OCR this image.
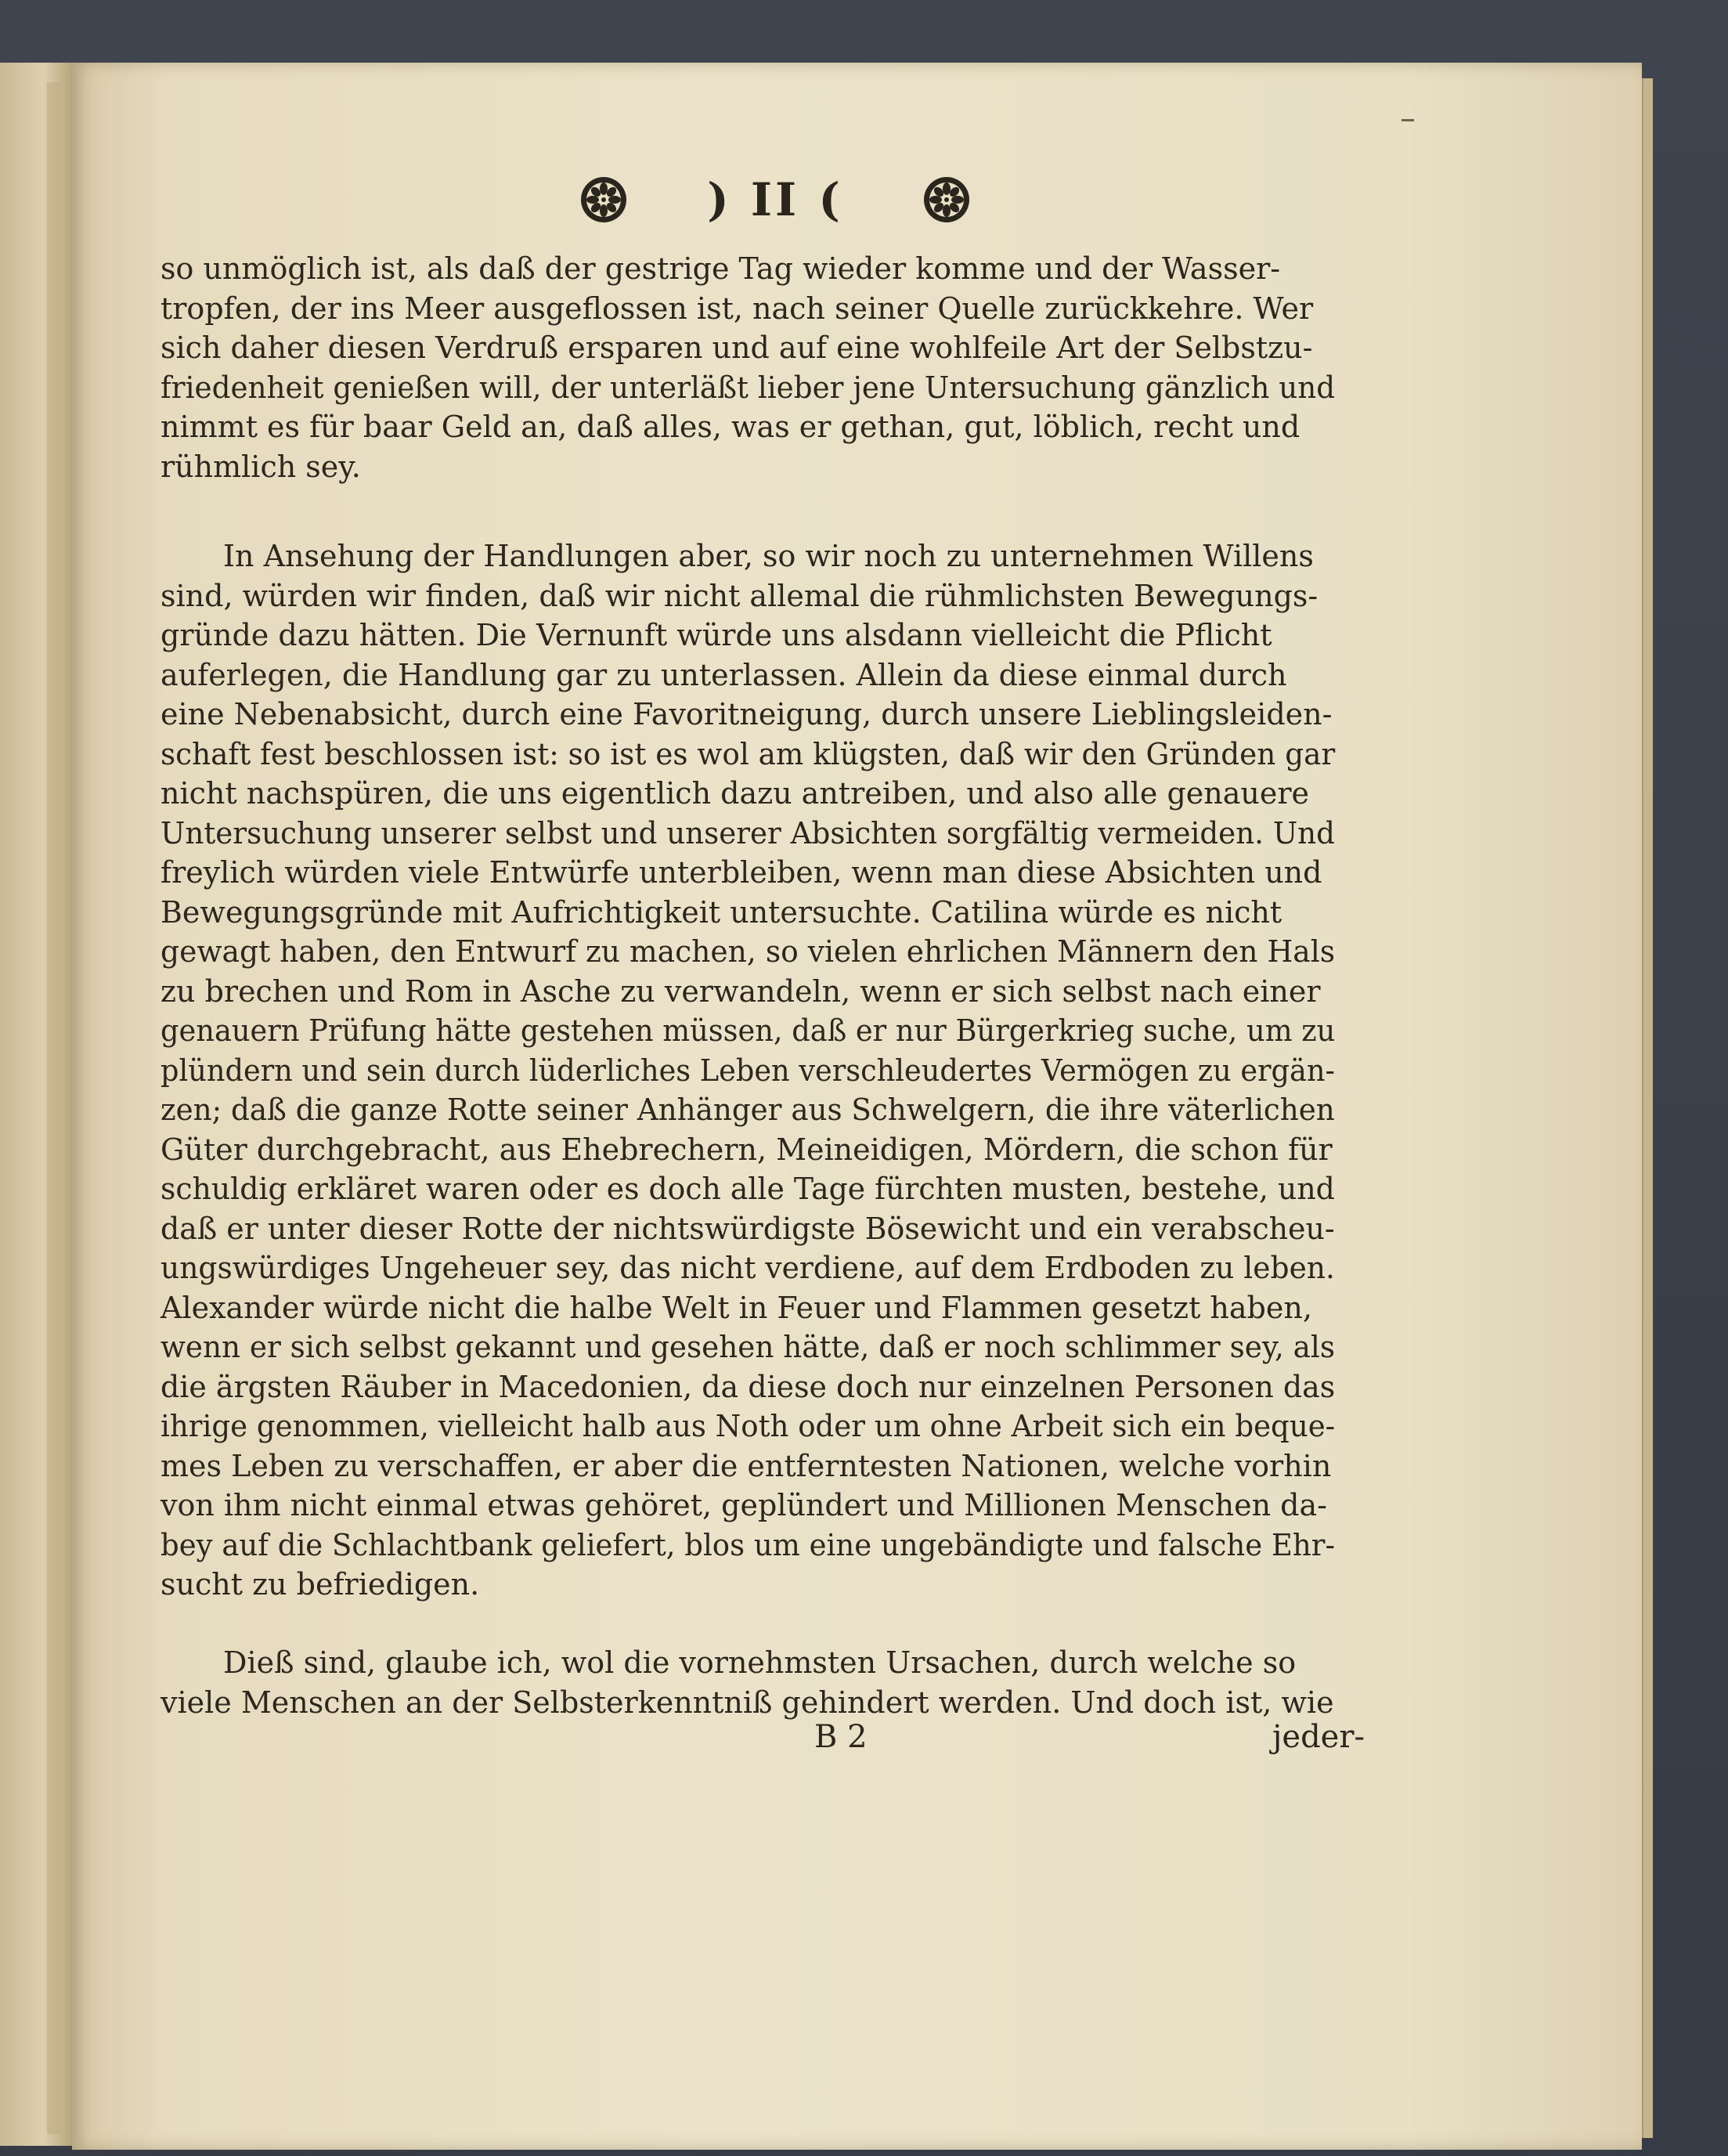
) II (
so unmöglich ist, als daß der gestrige Tag wieder komme und der Wasser-
tropfen, der ins Meer ausgeflossen ist, nach seiner Quelle zurückkehre. Wer
sich daher diesen Verdruß ersparen und auf eine wohlfeile Art der Selbstzu-
friedenheit genießen will, der unterläßt lieber jene Untersuchung gänzlich und
nimmt es für baar Geld an, daß alles, was er gethan, gut, löblich, recht und
rühmlich sey.
In Ansehung der Handlungen aber, so wir noch zu unternehmen Willens
sind, würden wir finden, daß wir nicht allemal die rühmlichsten Bewegungs-
gründe dazu hätten. Die Vernunft würde uns alsdann vielleicht die Pflicht
auferlegen, die Handlung gar zu unterlassen. Allein da diese einmal durch
eine Nebenabsicht, durch eine Favoritneigung, durch unsere Lieblingsleiden-
schaft fest beschlossen ist: so ist es wol am klügsten, daß wir den Gründen gar
nicht nachspüren, die uns eigentlich dazu antreiben, und also alle genauere
Untersuchung unserer selbst und unserer Absichten sorgfältig vermeiden. Und
freylich würden viele Entwürfe unterbleiben, wenn man diese Absichten und
Bewegungsgründe mit Aufrichtigkeit untersuchte. Catilina würde es nicht
gewagt haben, den Entwurf zu machen, so vielen ehrlichen Männern den Hals
zu brechen und Rom in Asche zu verwandeln, wenn er sich selbst nach einer
genauern Prüfung hätte gestehen müssen, daß er nur Bürgerkrieg suche, um zu
plündern und sein durch lüderliches Leben verschleudertes Vermögen zu ergän-
zen; daß die ganze Rotte seiner Anhänger aus Schwelgern, die ihre väterlichen
Güter durchgebracht, aus Ehebrechern, Meineidigen, Mördern, die schon für
schuldig erkläret waren oder es doch alle Tage fürchten musten, bestehe, und
daß er unter dieser Rotte der nichtswürdigste Bösewicht und ein verabscheu-
ungswürdiges Ungeheuer sey, das nicht verdiene, auf dem Erdboden zu leben.
Alexander würde nicht die halbe Welt in Feuer und Flammen gesetzt haben,
wenn er sich selbst gekannt und gesehen hätte, daß er noch schlimmer sey, als
die ärgsten Räuber in Macedonien, da diese doch nur einzelnen Personen das
ihrige genommen, vielleicht halb aus Noth oder um ohne Arbeit sich ein beque-
mes Leben zu verschaffen, er aber die entferntesten Nationen, welche vorhin
von ihm nicht einmal etwas gehöret, geplündert und Millionen Menschen da-
bey auf die Schlachtbank geliefert, blos um eine ungebändigte und falsche Ehr-
sucht zu befriedigen.
Dieß sind, glaube ich, wol die vornehmsten Ursachen, durch welche so
viele Menschen an der Selbsterkenntniß gehindert werden. Und doch ist, wie
B 2	jeder-
